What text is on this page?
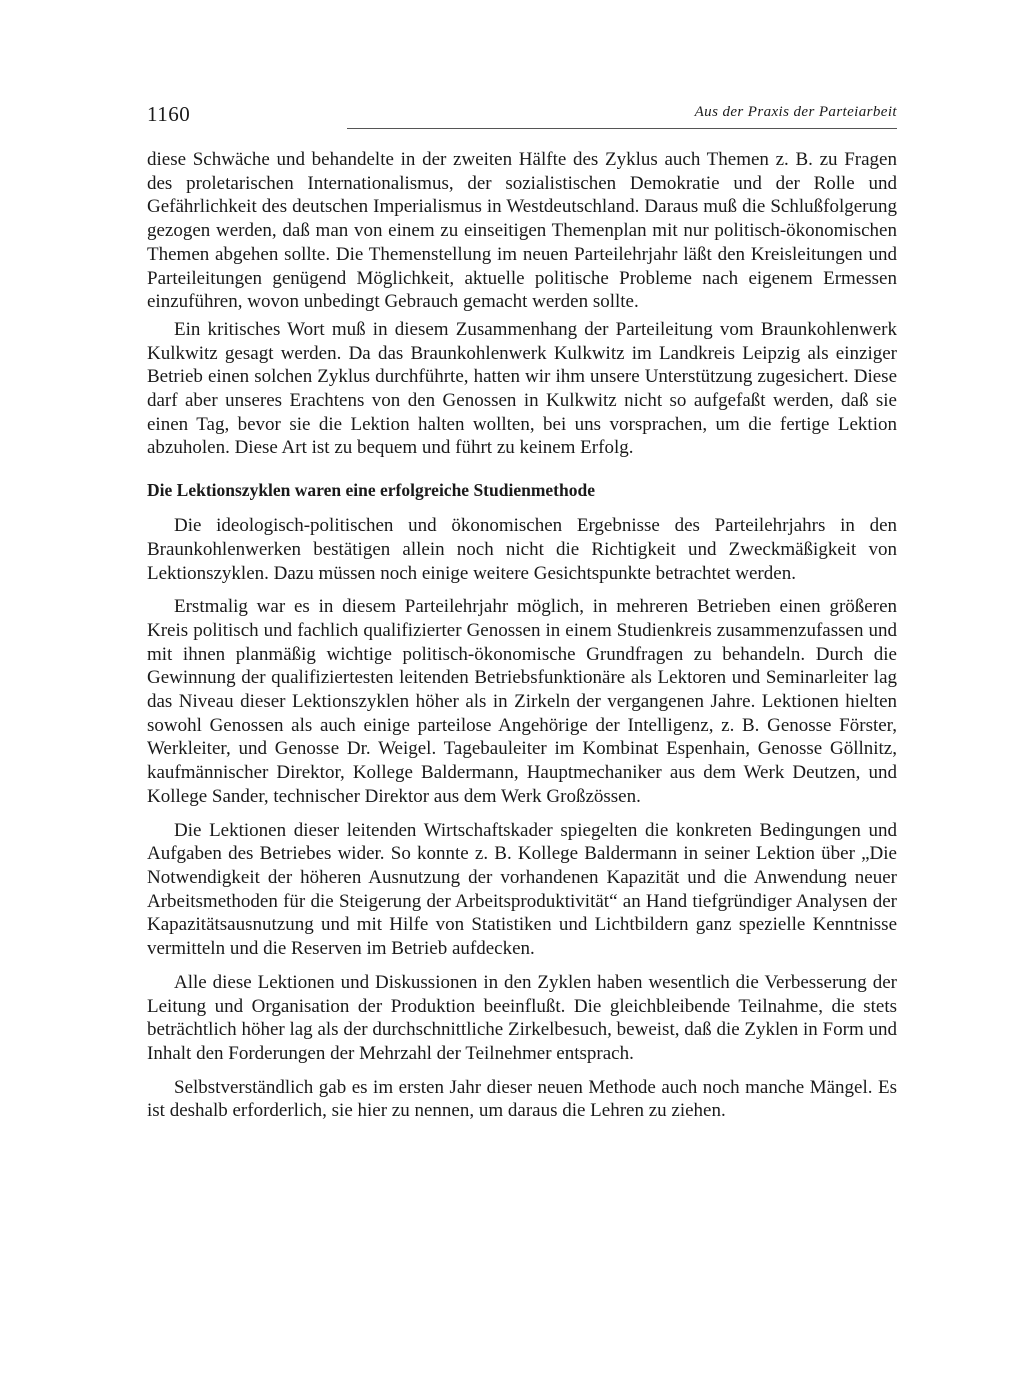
1160	Aus der Praxis der Parteiarbeit

diese Schwäche und behandelte in der zweiten Hälfte des Zyklus auch Themen z. B. zu Fragen des proletarischen Internationalismus, der sozialistischen Demokratie und der Rolle und Gefährlichkeit des deutschen Imperialismus in Westdeutschland. Daraus muß die Schlußfolgerung gezogen werden, daß man von einem zu einseitigen Themenplan mit nur politisch-ökonomischen Themen abgehen sollte. Die Themenstellung im neuen Parteilehrjahr läßt den Kreisleitungen und Parteileitungen genügend Möglichkeit, aktuelle politische Probleme nach eigenem Ermessen einzuführen, wovon unbedingt Gebrauch gemacht werden sollte.

Ein kritisches Wort muß in diesem Zusammenhang der Parteileitung vom Braunkohlenwerk Kulkwitz gesagt werden. Da das Braunkohlenwerk Kulkwitz im Landkreis Leipzig als einziger Betrieb einen solchen Zyklus durchführte, hatten wir ihm unsere Unterstützung zugesichert. Diese darf aber unseres Erachtens von den Genossen in Kulkwitz nicht so aufgefaßt werden, daß sie einen Tag, bevor sie die Lektion halten wollten, bei uns vorsprachen, um die fertige Lektion abzuholen. Diese Art ist zu bequem und führt zu keinem Erfolg.

Die Lektionszyklen waren eine erfolgreiche Studienmethode

Die ideologisch-politischen und ökonomischen Ergebnisse des Parteilehrjahrs in den Braunkohlenwerken bestätigen allein noch nicht die Richtigkeit und Zweckmäßigkeit von Lektionszyklen. Dazu müssen noch einige weitere Gesichtspunkte betrachtet werden.

Erstmalig war es in diesem Parteilehrjahr möglich, in mehreren Betrieben einen größeren Kreis politisch und fachlich qualifizierter Genossen in einem Studienkreis zusammenzufassen und mit ihnen planmäßig wichtige politisch-ökonomische Grundfragen zu behandeln. Durch die Gewinnung der qualifiziertesten leitenden Betriebsfunktionäre als Lektoren und Seminarleiter lag das Niveau dieser Lektionszyklen höher als in Zirkeln der vergangenen Jahre. Lektionen hielten sowohl Genossen als auch einige parteilose Angehörige der Intelligenz, z. B. Genosse Förster, Werkleiter, und Genosse Dr. Weigel. Tagebauleiter im Kombinat Espenhain, Genosse Göllnitz, kaufmännischer Direktor, Kollege Baldermann, Hauptmechaniker aus dem Werk Deutzen, und Kollege Sander, technischer Direktor aus dem Werk Großzössen.

Die Lektionen dieser leitenden Wirtschaftskader spiegelten die konkreten Bedingungen und Aufgaben des Betriebes wider. So konnte z. B. Kollege Baldermann in seiner Lektion über „Die Notwendigkeit der höheren Ausnutzung der vorhandenen Kapazität und die Anwendung neuer Arbeitsmethoden für die Steigerung der Arbeitsproduktivität“ an Hand tiefgründiger Analysen der Kapazitätsausnutzung und mit Hilfe von Statistiken und Lichtbildern ganz spezielle Kenntnisse vermitteln und die Reserven im Betrieb aufdecken.

Alle diese Lektionen und Diskussionen in den Zyklen haben wesentlich die Verbesserung der Leitung und Organisation der Produktion beeinflußt. Die gleichbleibende Teilnahme, die stets beträchtlich höher lag als der durchschnittliche Zirkelbesuch, beweist, daß die Zyklen in Form und Inhalt den Forderungen der Mehrzahl der Teilnehmer entsprach.

Selbstverständlich gab es im ersten Jahr dieser neuen Methode auch noch manche Mängel. Es ist deshalb erforderlich, sie hier zu nennen, um daraus die Lehren zu ziehen.
